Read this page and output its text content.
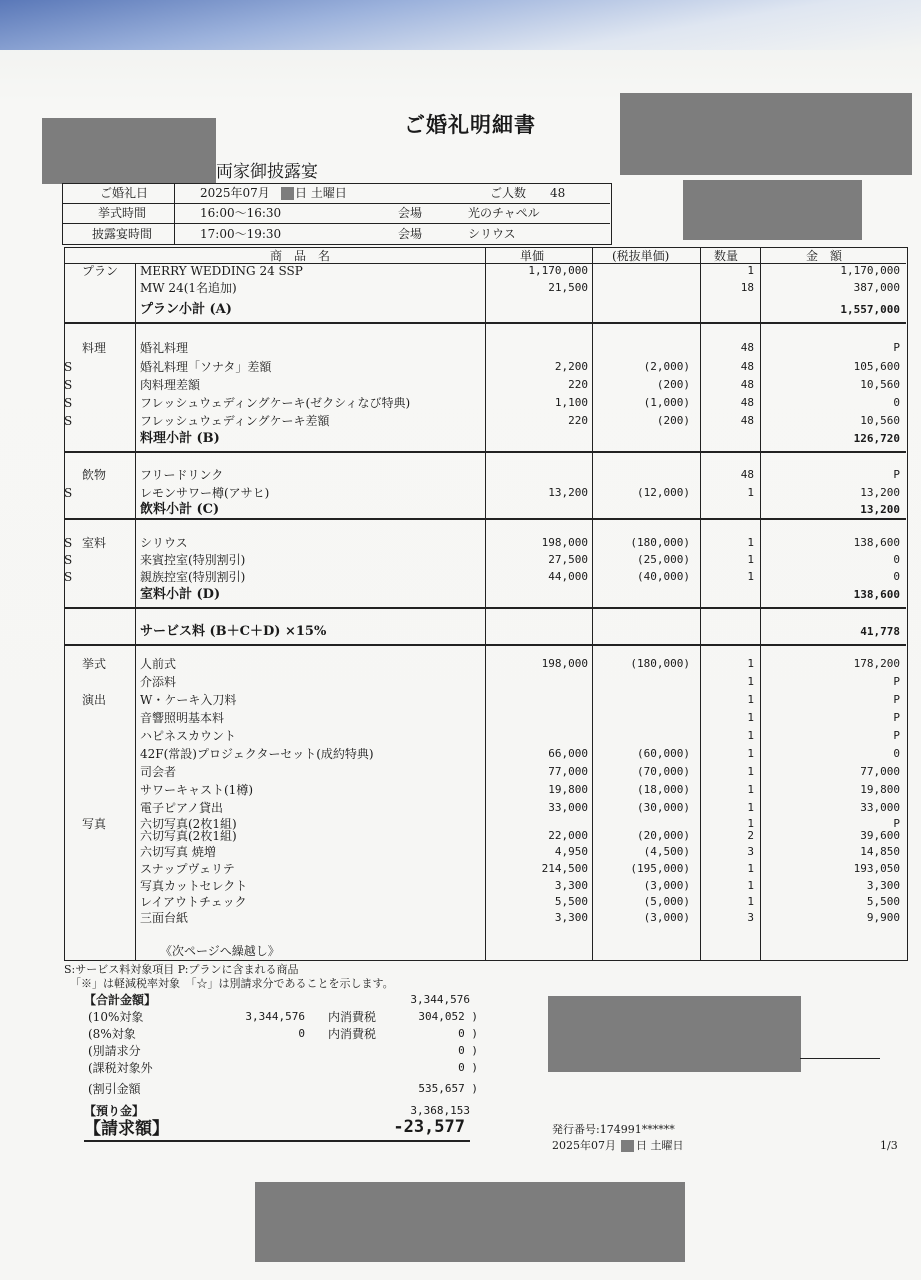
ご婚礼明細書
両家御披露宴
ご婚礼日	2025年07月 日 土曜日	ご人数 48
挙式時間	16:00～16:30	会場	光のチャペル
披露宴時間	17:00～19:30	会場	シリウス
商　品　名	単価	(税抜単価)	数量	金　額
プラン MERRY WEDDING 24 SSP	1,170,000	1	1,170,000
MW 24(1名追加)	21,500	18	387,000
プラン小計 (A)	1,557,000
料理	婚礼料理	48	P
S	婚礼料理「ソナタ」差額	2,200	(2,000)	48	105,600
S	肉料理差額	220	(200)	48	10,560
S	フレッシュウェディングケーキ(ゼクシィなび特典)	1,100	(1,000)	48	0
S	フレッシュウェディングケーキ差額	220	(200)	48	10,560
料理小計 (B)	126,720
飲物	フリードリンク	48	P
S	レモンサワー樽(アサヒ)	13,200	(12,000)	1	13,200
飲料小計 (C)	13,200
S 室料	シリウス	198,000	(180,000)	1	138,600
S	来賓控室(特別割引)	27,500	(25,000)	1	0
S	親族控室(特別割引)	44,000	(40,000)	1	0
室料小計 (D)	138,600
サービス料 (B＋C＋D) ×15%	41,778
挙式	人前式	198,000	(180,000)	1	178,200
介添料	1	P
演出	W・ケーキ入刀料	1	P
音響照明基本料	1	P
ハピネスカウント	1	P
42F(常設)プロジェクターセット(成約特典)	66,000	(60,000)	1	0
司会者	77,000	(70,000)	1	77,000
サワーキャスト(1樽)	19,800	(18,000)	1	19,800
電子ピアノ貸出	33,000	(30,000)	1	33,000
写真	六切写真(2枚1組)	1	P
六切写真(2枚1組)	22,000	(20,000)	2	39,600
六切写真 焼増	4,950	(4,500)	3	14,850
スナップヴェリテ	214,500	(195,000)	1	193,050
写真カットセレクト	3,300	(3,000)	1	3,300
レイアウトチェック	5,500	(5,000)	1	5,500
三面台紙	3,300	(3,000)	3	9,900
《次ページへ繰越し》
S:サービス料対象項目 P:プランに含まれる商品
「※」は軽減税率対象　「☆」は別請求分であることを示します。
【合計金額】	3,344,576
(10%対象	3,344,576 内消費税	304,052 )
(8%対象	0 内消費税	0 )
(別請求分	0 )
(課税対象外	0 )
(割引金額	535,657 )
【預り金】	3,368,153
【請求額】	-23,577	発行番号:174991******
2025年07月 日 土曜日	1/3
